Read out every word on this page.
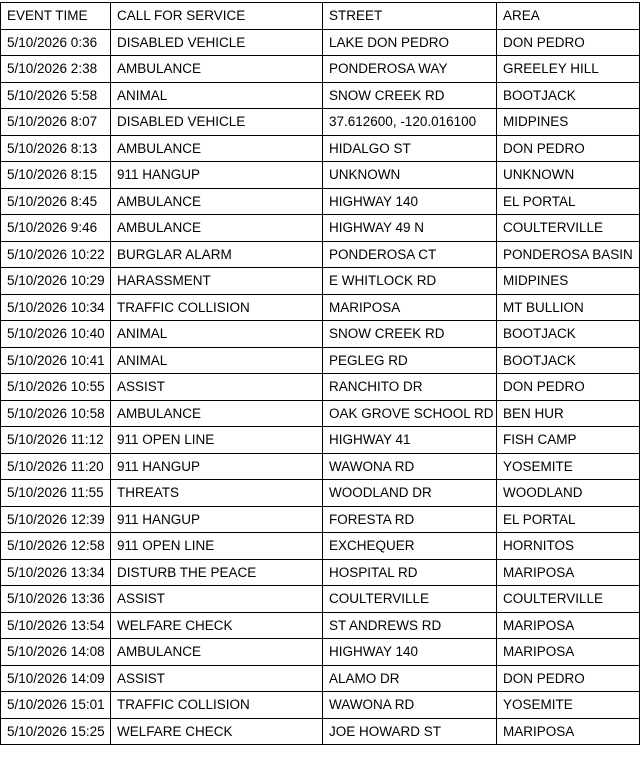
EVENT TIME	CALL FOR SERVICE	STREET	AREA
5/10/2026 0:36	DISABLED VEHICLE	LAKE DON PEDRO	DON PEDRO
5/10/2026 2:38	AMBULANCE	PONDEROSA WAY	GREELEY HILL
5/10/2026 5:58	ANIMAL	SNOW CREEK RD	BOOTJACK
5/10/2026 8:07	DISABLED VEHICLE	37.612600, -120.016100	MIDPINES
5/10/2026 8:13	AMBULANCE	HIDALGO ST	DON PEDRO
5/10/2026 8:15	911 HANGUP	UNKNOWN	UNKNOWN
5/10/2026 8:45	AMBULANCE	HIGHWAY 140	EL PORTAL
5/10/2026 9:46	AMBULANCE	HIGHWAY 49 N	COULTERVILLE
5/10/2026 10:22	BURGLAR ALARM	PONDEROSA CT	PONDEROSA BASIN
5/10/2026 10:29	HARASSMENT	E WHITLOCK RD	MIDPINES
5/10/2026 10:34	TRAFFIC COLLISION	MARIPOSA	MT BULLION
5/10/2026 10:40	ANIMAL	SNOW CREEK RD	BOOTJACK
5/10/2026 10:41	ANIMAL	PEGLEG RD	BOOTJACK
5/10/2026 10:55	ASSIST	RANCHITO DR	DON PEDRO
5/10/2026 10:58	AMBULANCE	OAK GROVE SCHOOL RD	BEN HUR
5/10/2026 11:12	911 OPEN LINE	HIGHWAY 41	FISH CAMP
5/10/2026 11:20	911 HANGUP	WAWONA RD	YOSEMITE
5/10/2026 11:55	THREATS	WOODLAND DR	WOODLAND
5/10/2026 12:39	911 HANGUP	FORESTA RD	EL PORTAL
5/10/2026 12:58	911 OPEN LINE	EXCHEQUER	HORNITOS
5/10/2026 13:34	DISTURB THE PEACE	HOSPITAL RD	MARIPOSA
5/10/2026 13:36	ASSIST	COULTERVILLE	COULTERVILLE
5/10/2026 13:54	WELFARE CHECK	ST ANDREWS RD	MARIPOSA
5/10/2026 14:08	AMBULANCE	HIGHWAY 140	MARIPOSA
5/10/2026 14:09	ASSIST	ALAMO DR	DON PEDRO
5/10/2026 15:01	TRAFFIC COLLISION	WAWONA RD	YOSEMITE
5/10/2026 15:25	WELFARE CHECK	JOE HOWARD ST	MARIPOSA
